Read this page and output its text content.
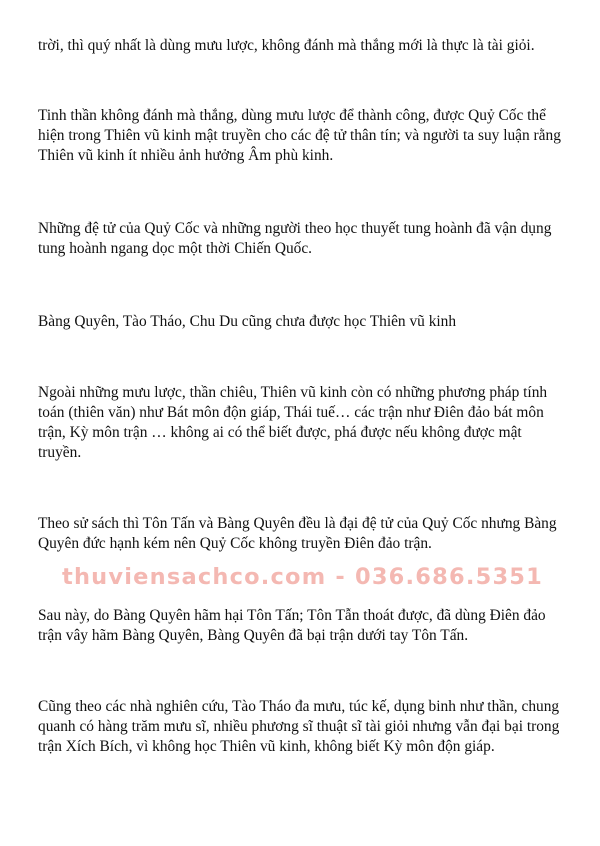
trời, thì quý nhất là dùng mưu lược, không đánh mà thắng mới là thực là tài giỏi.

Tinh thần không đánh mà thắng, dùng mưu lược để thành công, được Quỷ Cốc thể hiện trong Thiên vũ kinh mật truyền cho các đệ tử thân tín; và người ta suy luận rằng Thiên vũ kinh ít nhiều ảnh hưởng Âm phù kinh.

Những đệ tử của Quỷ Cốc và những người theo học thuyết tung hoành đã vận dụng tung hoành ngang dọc một thời Chiến Quốc.

Bàng Quyên, Tào Tháo, Chu Du cũng chưa được học Thiên vũ kinh

Ngoài những mưu lược, thần chiêu, Thiên vũ kinh còn có những phương pháp tính toán (thiên văn) như Bát môn độn giáp, Thái tuế… các trận như Điên đảo bát môn trận, Kỳ môn trận … không ai có thể biết được, phá được nếu không được mật truyền.

Theo sử sách thì Tôn Tấn và Bàng Quyên đều là đại đệ tử của Quỷ Cốc nhưng Bàng Quyên đức hạnh kém nên Quỷ Cốc không truyền Điên đảo trận.

thuviensachco.com - 036.686.5351

Sau này, do Bàng Quyên hãm hại Tôn Tấn; Tôn Tẫn thoát được, đã dùng Điên đảo trận vây hãm Bàng Quyên, Bàng Quyên đã bại trận dưới tay Tôn Tấn.

Cũng theo các nhà nghiên cứu, Tào Tháo đa mưu, túc kế, dụng binh như thần, chung quanh có hàng trăm mưu sĩ, nhiều phương sĩ thuật sĩ tài giỏi nhưng vẫn đại bại trong trận Xích Bích, vì không học Thiên vũ kinh, không biết Kỳ môn độn giáp.
